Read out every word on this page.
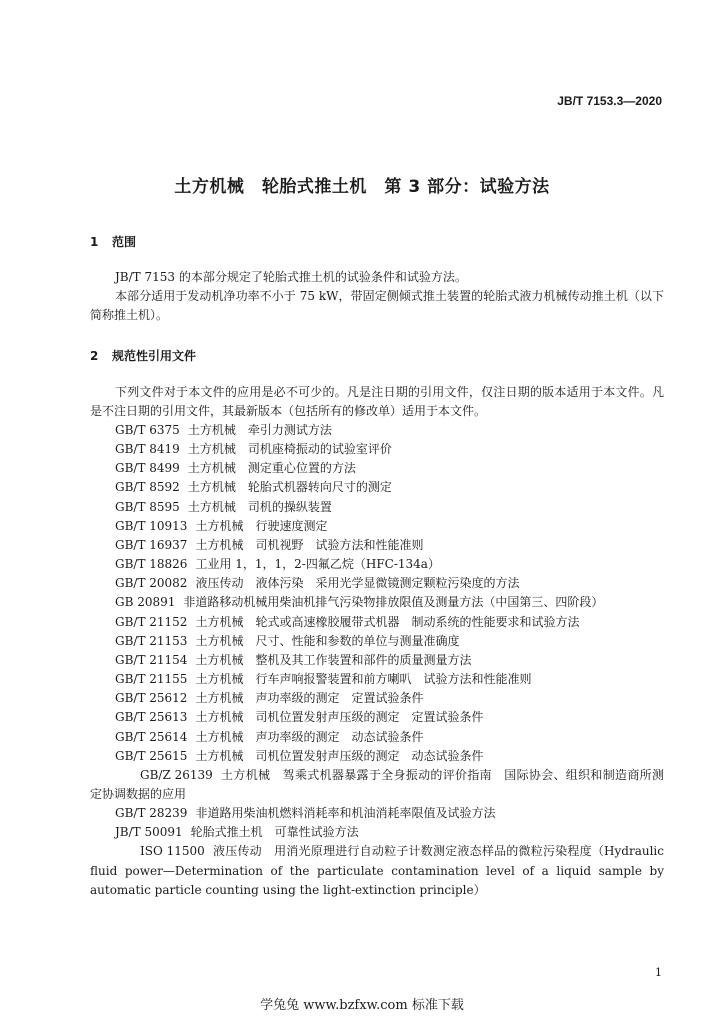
JB/T 7153.3—2020
土方机械　轮胎式推土机　第 3 部分：试验方法
1 范围
JB/T 7153 的本部分规定了轮胎式推土机的试验条件和试验方法。
本部分适用于发动机净功率不小于 75 kW，带固定侧倾式推土装置的轮胎式液力机械传动推土机（以下简称推土机）。
2 规范性引用文件
下列文件对于本文件的应用是必不可少的。凡是注日期的引用文件，仅注日期的版本适用于本文件。凡是不注日期的引用文件，其最新版本（包括所有的修改单）适用于本文件。
GB/T 6375 土方机械　牵引力测试方法
GB/T 8419 土方机械　司机座椅振动的试验室评价
GB/T 8499 土方机械　测定重心位置的方法
GB/T 8592 土方机械　轮胎式机器转向尺寸的测定
GB/T 8595 土方机械　司机的操纵装置
GB/T 10913 土方机械　行驶速度测定
GB/T 16937 土方机械　司机视野　试验方法和性能准则
GB/T 18826 工业用 1，1，1，2-四氟乙烷（HFC-134a）
GB/T 20082 液压传动　液体污染　采用光学显微镜测定颗粒污染度的方法
GB 20891 非道路移动机械用柴油机排气污染物排放限值及测量方法（中国第三、四阶段）
GB/T 21152 土方机械　轮式或高速橡胶履带式机器　制动系统的性能要求和试验方法
GB/T 21153 土方机械　尺寸、性能和参数的单位与测量准确度
GB/T 21154 土方机械　整机及其工作装置和部件的质量测量方法
GB/T 21155 土方机械　行车声响报警装置和前方喇叭　试验方法和性能准则
GB/T 25612 土方机械　声功率级的测定　定置试验条件
GB/T 25613 土方机械　司机位置发射声压级的测定　定置试验条件
GB/T 25614 土方机械　声功率级的测定　动态试验条件
GB/T 25615 土方机械　司机位置发射声压级的测定　动态试验条件
GB/Z 26139 土方机械　驾乘式机器暴露于全身振动的评价指南　国际协会、组织和制造商所测定协调数据的应用
GB/T 28239 非道路用柴油机燃料消耗率和机油消耗率限值及试验方法
JB/T 50091 轮胎式推土机　可靠性试验方法
ISO 11500 液压传动　用消光原理进行自动粒子计数测定液态样品的微粒污染程度（Hydraulic fluid power—Determination of the particulate contamination level of a liquid sample by automatic particle counting using the light-extinction principle）
1
学兔兔 www.bzfxw.com 标准下载
